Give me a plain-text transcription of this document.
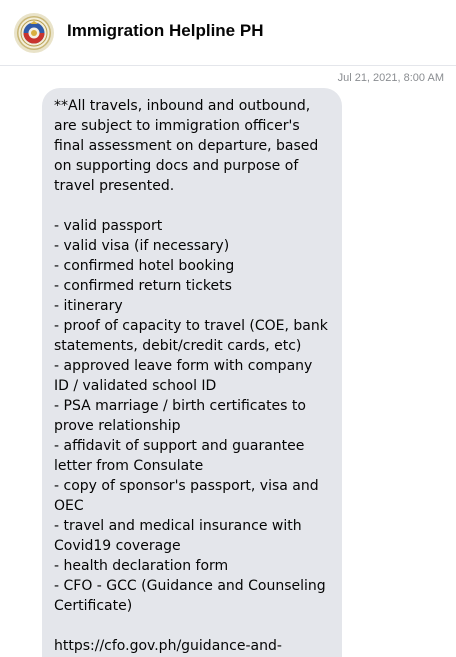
Immigration Helpline PH
Jul 21, 2021, 8:00 AM

**All travels, inbound and outbound,  are subject to immigration officer's final assessment on departure, based on supporting docs and purpose of travel presented.

- valid passport
- valid visa (if necessary)
- confirmed hotel booking
- confirmed return tickets
- itinerary
- proof of capacity to travel (COE, bank statements, debit/credit cards, etc)
- approved leave form with company ID / validated school ID
- PSA marriage / birth certificates to prove relationship
- affidavit of support and guarantee letter from Consulate
- copy of sponsor's passport, visa and OEC
- travel and medical insurance with Covid19 coverage
- health declaration form
- CFO - GCC (Guidance and Counseling Certificate)

https://cfo.gov.ph/guidance-and-
